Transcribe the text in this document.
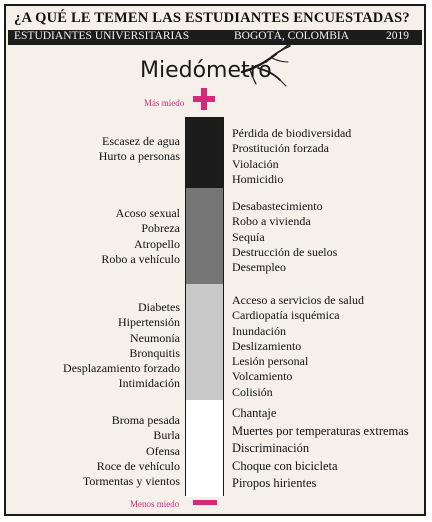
¿A QUÉ LE TEMEN LAS ESTUDIANTES ENCUESTADAS?
ESTUDIANTES UNIVERSITARIAS	BOGOTÁ, COLOMBIA	2019
Miedómetro
Más miedo
Menos miedo
Escasez de agua
Hurto a personas
Pérdida de biodiversidad
Prostitución forzada
Violación
Homicidio
Acoso sexual
Pobreza
Atropello
Robo a vehículo
Desabastecimiento
Robo a vivienda
Sequía
Destrucción de suelos
Desempleo
Diabetes
Hipertensión
Neumonía
Bronquitis
Desplazamiento forzado
Intimidación
Acceso a servicios de salud
Cardiopatía isquémica
Inundación
Deslizamiento
Lesión personal
Volcamiento
Colisión
Broma pesada
Burla
Ofensa
Roce de vehículo
Tormentas y vientos
Chantaje
Muertes por temperaturas extremas
Discriminación
Choque con bicicleta
Piropos hirientes
